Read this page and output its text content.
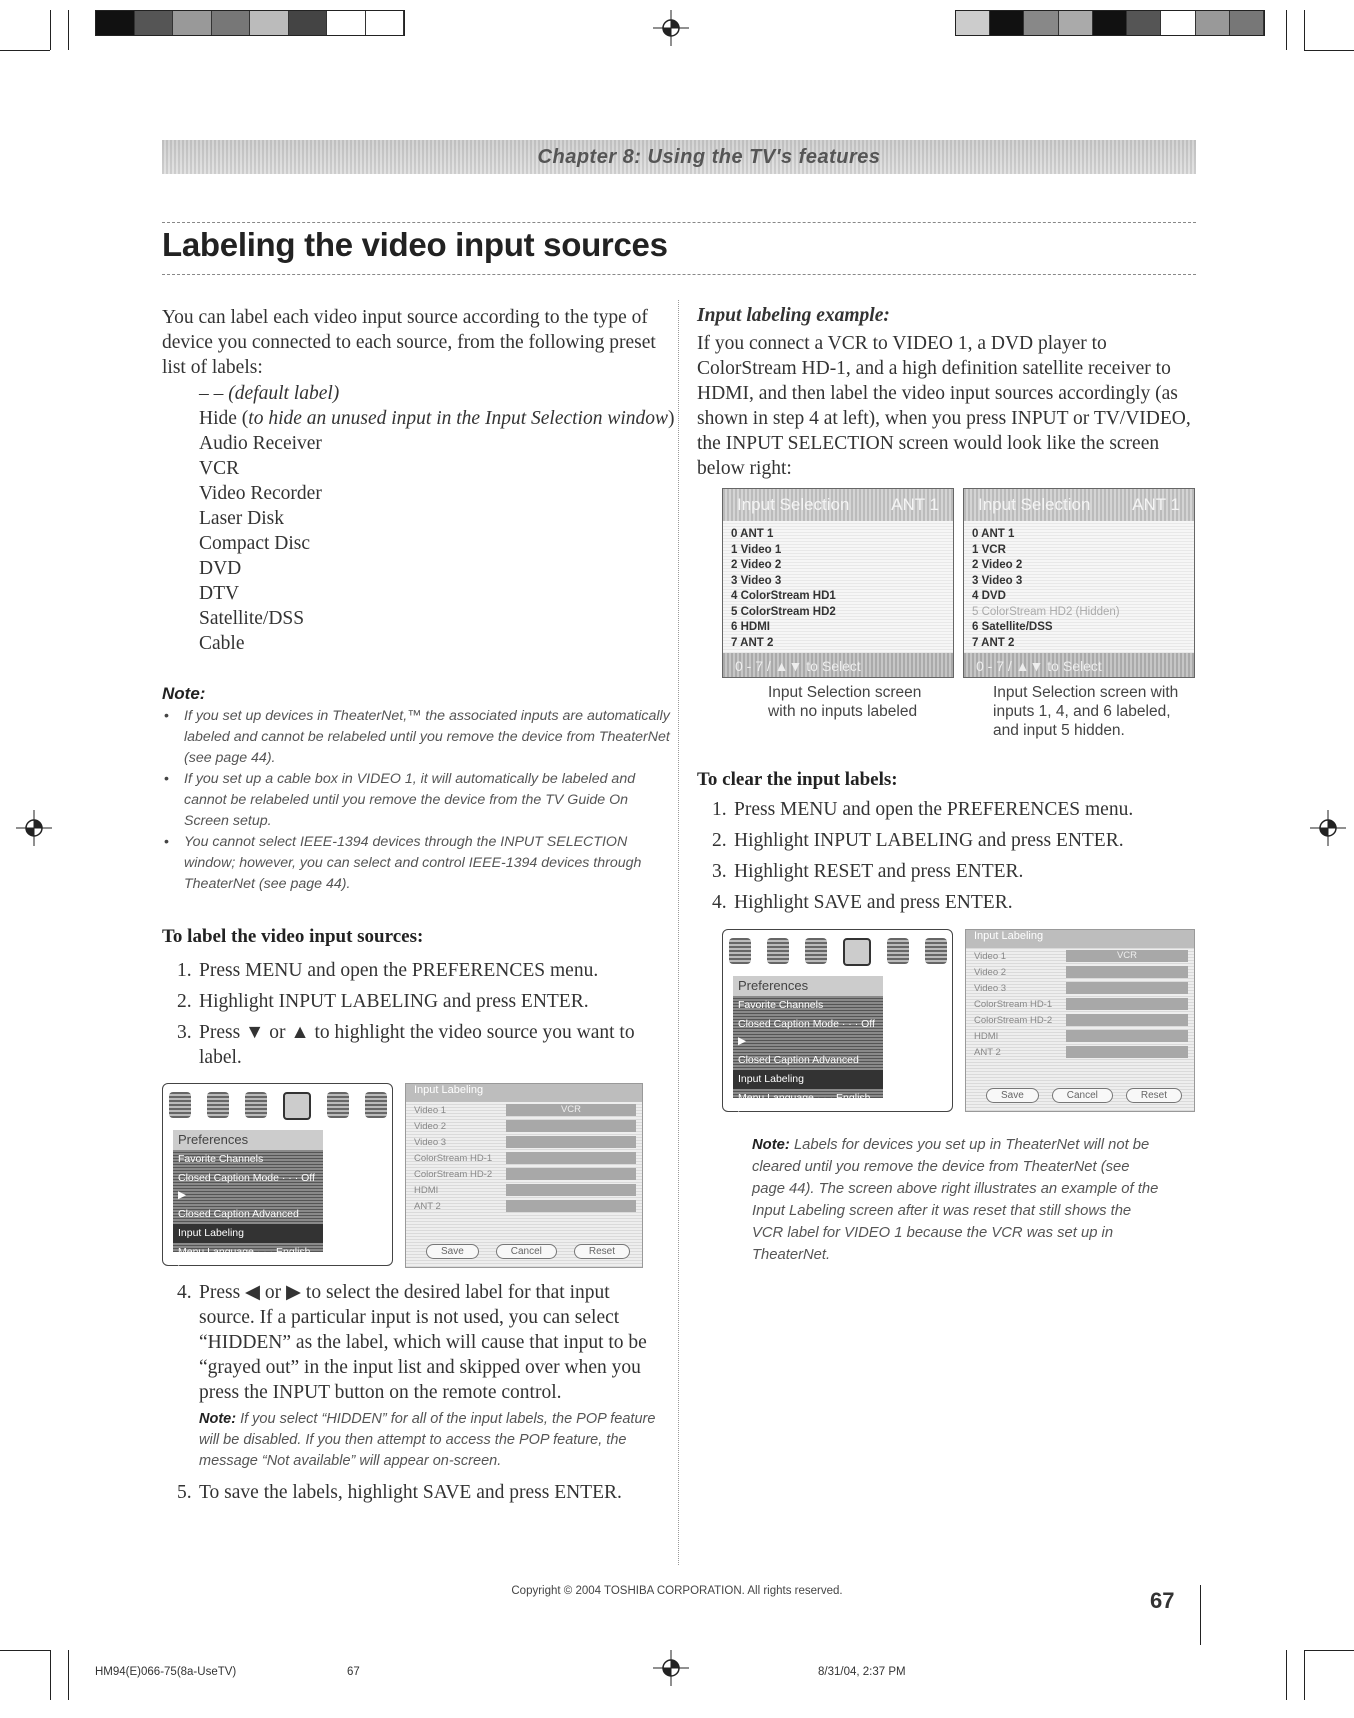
Chapter 8: Using the TV's features
Labeling the video input sources

You can label each video input source according to the type of device you connected to each source, from the following preset list of labels:

– – (default label)
Hide (to hide an unused input in the Input Selection window)
Audio Receiver
VCR
Video Recorder
Laser Disk
Compact Disc
DVD
DTV
Satellite/DSS
Cable
Note:
• If you set up devices in TheaterNet,™ the associated inputs are automatically labeled and cannot be relabeled until you remove the device from TheaterNet (see page 44).
• If you set up a cable box in VIDEO 1, it will automatically be labeled and cannot be relabeled until you remove the device from the TV Guide On Screen setup.
• You cannot select IEEE-1394 devices through the INPUT SELECTION window; however, you can select and control IEEE-1394 devices through TheaterNet (see page 44).
To label the video input sources:
1. Press MENU and open the PREFERENCES menu.
2. Highlight INPUT LABELING and press ENTER.
3. Press ▼ or ▲ to highlight the video source you want to label.
Preferences
Favorite Channels
Closed Caption Mode · · · Off ▶
Closed Caption Advanced
Input Labeling
Menu Language · · · English ▶
Input Labeling
Video 1	VCR
Video 2
Video 3
ColorStream HD-1
ColorStream HD-2
HDMI
ANT 2
Save	Cancel	Reset
4. Press ◀ or ▶ to select the desired label for that input source. If a particular input is not used, you can select “HIDDEN” as the label, which will cause that input to be “grayed out” in the input list and skipped over when you press the INPUT button on the remote control.
Note: If you select “HIDDEN” for all of the input labels, the POP feature will be disabled. If you then attempt to access the POP feature, the message “Not available” will appear on-screen.
5. To save the labels, highlight SAVE and press ENTER.
Input labeling example:

If you connect a VCR to VIDEO 1, a DVD player to ColorStream HD-1, and a high definition satellite receiver to HDMI, and then label the video input sources accordingly (as shown in step 4 at left), when you press INPUT or TV/VIDEO, the INPUT SELECTION screen would look like the screen below right:

Input Selection ANT 1
0 ANT 1
1 Video 1
2 Video 2
3 Video 3
4 ColorStream HD1
5 ColorStream HD2
6 HDMI
7 ANT 2
0 - 7 / ▲▼ to Select
Input Selection ANT 1
0 ANT 1
1 VCR
2 Video 2
3 Video 3
4 DVD
5 ColorStream HD2 (Hidden)
6 Satellite/DSS
7 ANT 2
0 - 7 / ▲▼ to Select
Input Selection screen with no inputs labeled
Input Selection screen with inputs 1, 4, and 6 labeled, and input 5 hidden.
To clear the input labels:
1. Press MENU and open the PREFERENCES menu.
2. Highlight INPUT LABELING and press ENTER.
3. Highlight RESET and press ENTER.
4. Highlight SAVE and press ENTER.
Preferences
Favorite Channels
Closed Caption Mode · · · Off ▶
Closed Caption Advanced
Input Labeling
Menu Language · · · English ▶
Input Labeling
Video 1	VCR
Video 2
Video 3
ColorStream HD-1
ColorStream HD-2
HDMI
ANT 2
Save	Cancel	Reset
Note: Labels for devices you set up in TheaterNet will not be cleared until you remove the device from TheaterNet (see page 44). The screen above right illustrates an example of the Input Labeling screen after it was reset that still shows the VCR label for VIDEO 1 because the VCR was set up in TheaterNet.
Copyright © 2004 TOSHIBA CORPORATION. All rights reserved.	67
HM94(E)066-75(8a-UseTV)	67	8/31/04, 2:37 PM
